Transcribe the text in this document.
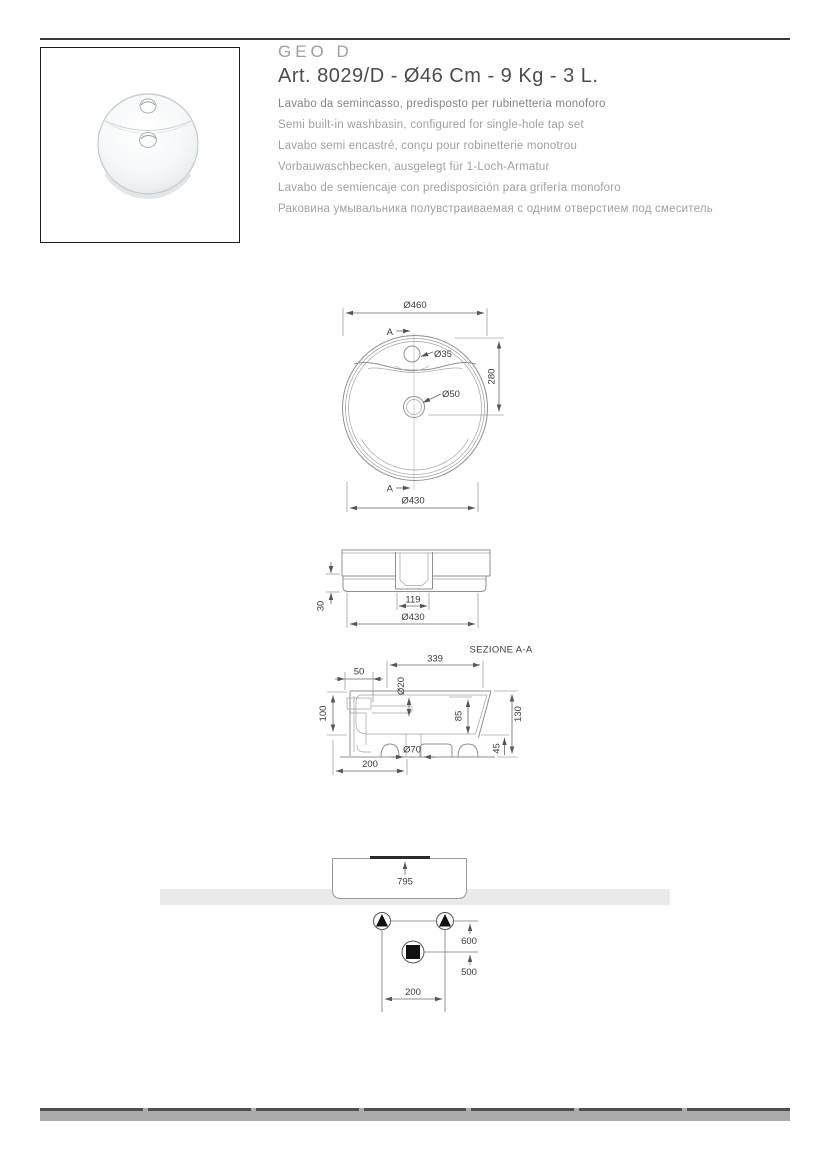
GEO D
Art. 8029/D - Ø46 Cm - 9 Kg - 3 L.
Lavabo da semincasso, predisposto per rubinetteria monoforo
Semi built-in washbasin, configured for single-hole tap set
Lavabo semi encastré, conçu pour robinetterie monotrou
Vorbauwaschbecken, ausgelegt für 1-Loch-Armatur
Lavabo de semiencaje con predisposición para grifería monoforo
Раковина умывальника полувстраиваемая с одним отверстием под смеситель
Ø460
A
Ø35
280
Ø50
A
Ø430
30
119
Ø430
SEZIONE A-A
339
50
Ø20
85	130
45
Ø70
200
100
795
600
500
200
